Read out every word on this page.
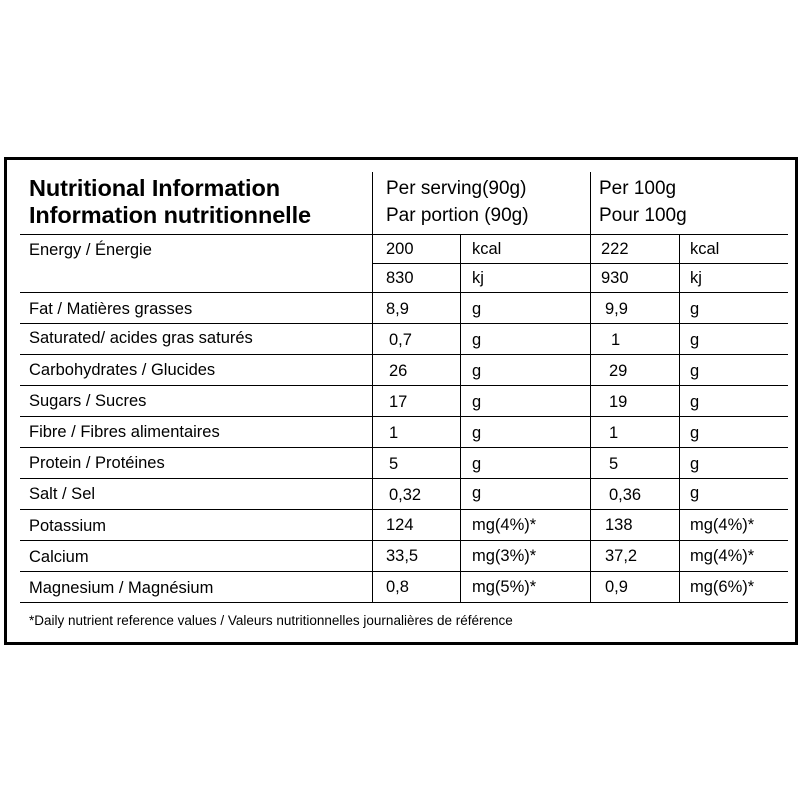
Nutritional Information
Information nutritionnelle
Per serving(90g)
Par portion (90g)
Per 100g
Pour 100g
Energy / Énergie	200	kcal	222	kcal
830	kj	930	kj
Fat / Matières grasses	8,9	g	9,9	g
Saturated/ acides gras saturés	0,7	g	1	g
Carbohydrates / Glucides	26	g	29	g
Sugars / Sucres	17	g	19	g
Fibre / Fibres alimentaires	1	g	1	g
Protein / Protéines	5	g	5	g
Salt / Sel	0,32	g	0,36	g
Potassium	124	mg(4%)*	138	mg(4%)*
Calcium	33,5	mg(3%)*	37,2	mg(4%)*
Magnesium / Magnésium	0,8	mg(5%)*	0,9	mg(6%)*
*Daily nutrient reference values / Valeurs nutritionnelles journalières de référence
